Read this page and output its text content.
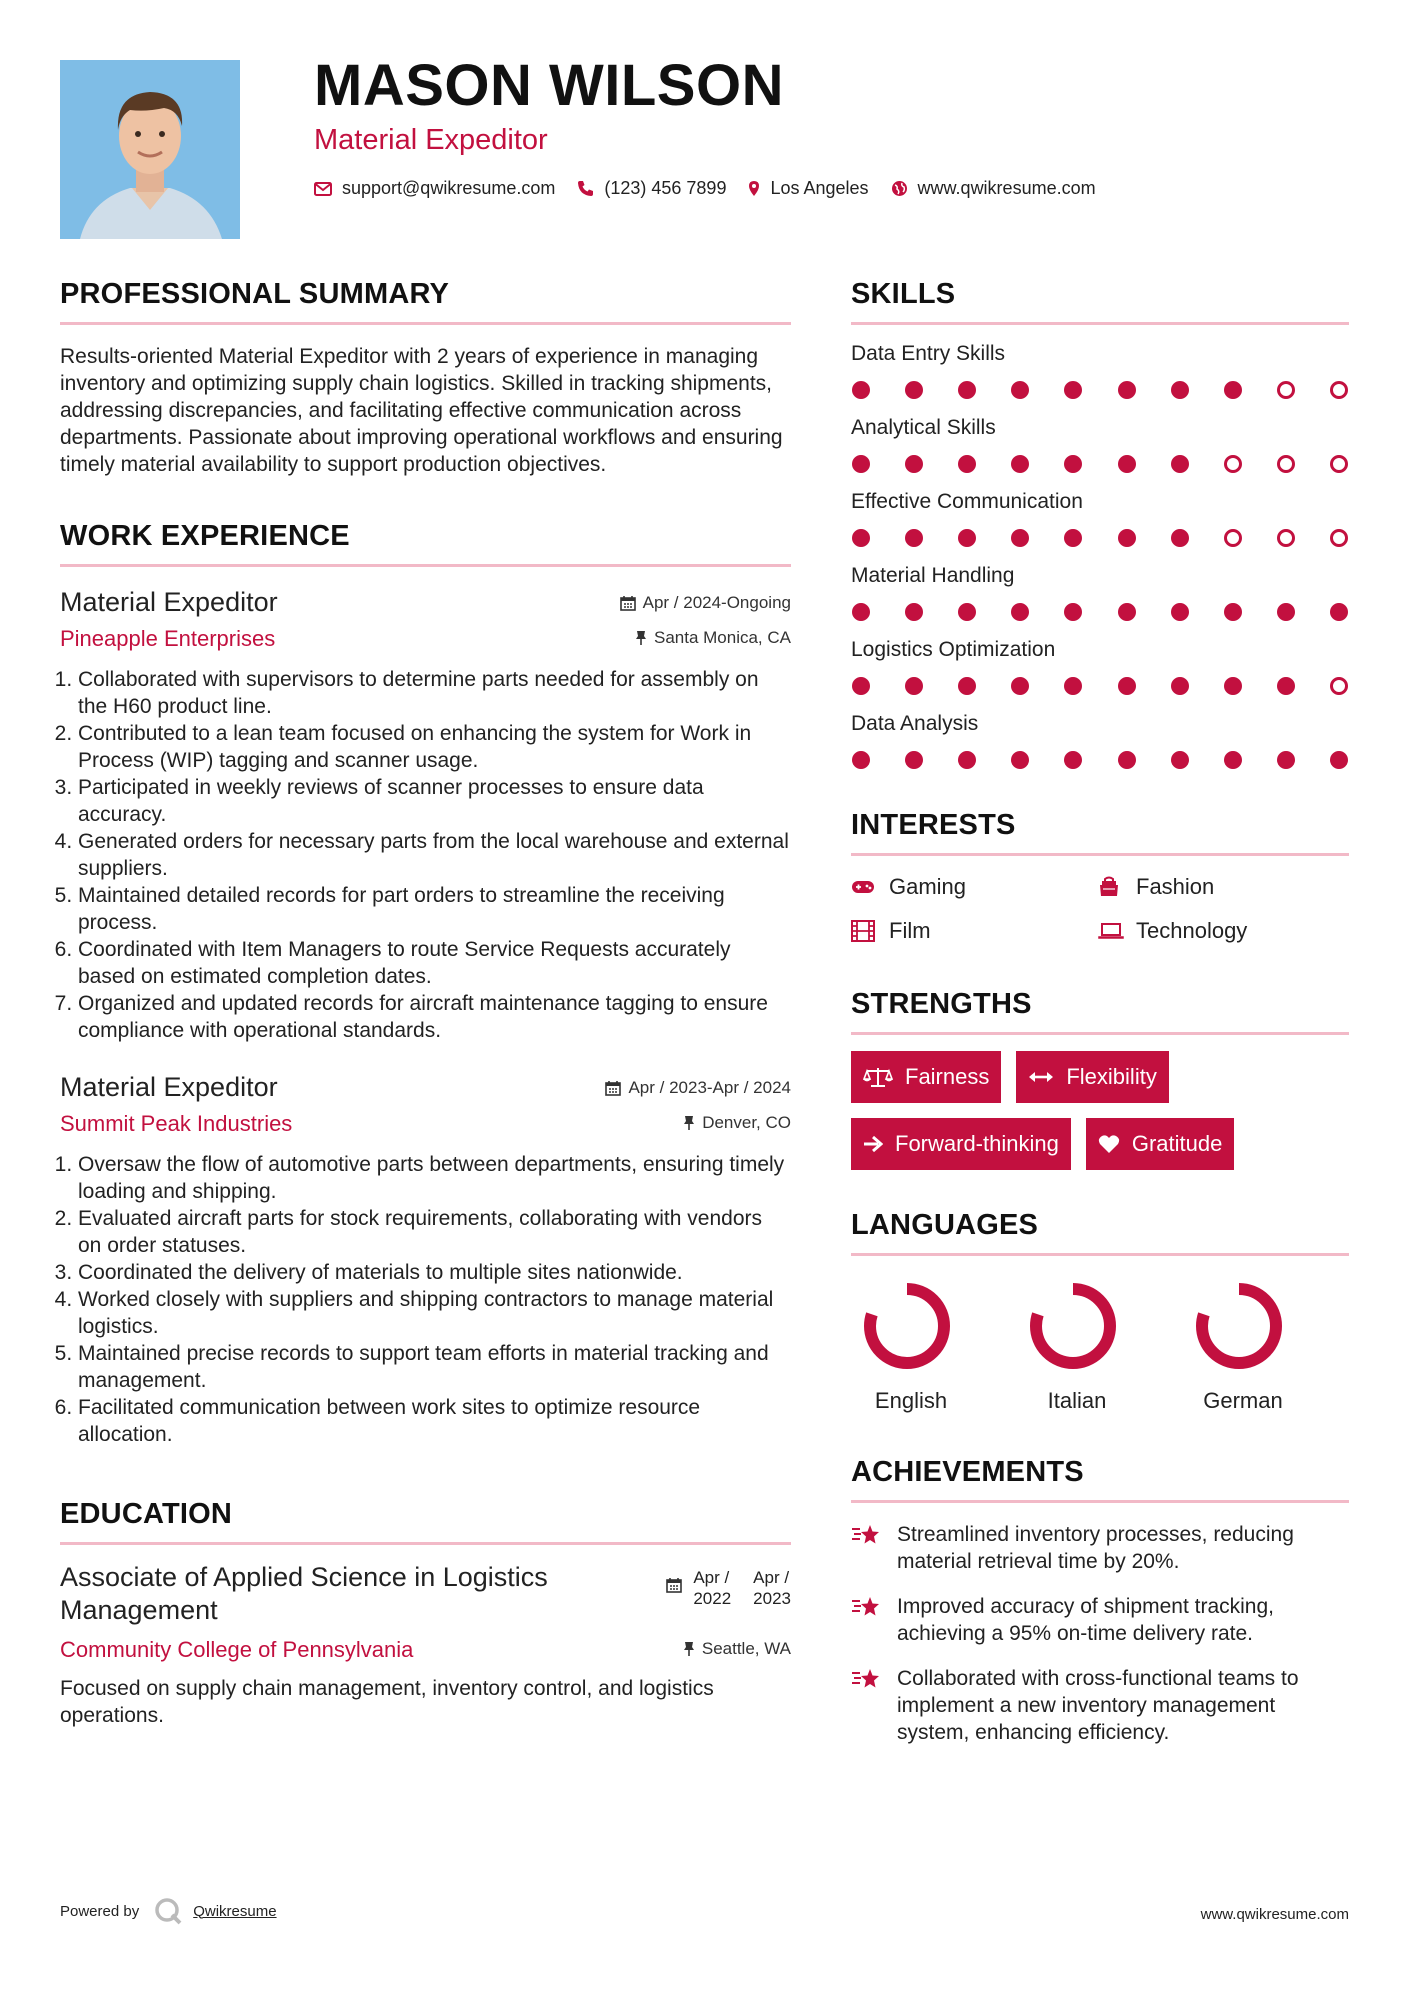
MASON WILSON
Material Expeditor
support@qwikresume.com	(123) 456 7899 Los Angeles	www.qwikresume.com
PROFESSIONAL SUMMARY
Results-oriented Material Expeditor with 2 years of experience in managing inventory and optimizing supply chain logistics. Skilled in tracking shipments, addressing discrepancies, and facilitating effective communication across departments. Passionate about improving operational workflows and ensuring timely material availability to support production objectives.
WORK EXPERIENCE
Material Expeditor	Apr / 2024-Ongoing
Pineapple Enterprises	Santa Monica, CA
1. Collaborated with supervisors to determine parts needed for assembly on the H60 product line.
2. Contributed to a lean team focused on enhancing the system for Work in Process (WIP) tagging and scanner usage.
3. Participated in weekly reviews of scanner processes to ensure data accuracy.
4. Generated orders for necessary parts from the local warehouse and external suppliers.
5. Maintained detailed records for part orders to streamline the receiving process.
6. Coordinated with Item Managers to route Service Requests accurately based on estimated completion dates.
7. Organized and updated records for aircraft maintenance tagging to ensure compliance with operational standards.
Material Expeditor	Apr / 2023-Apr / 2024
Summit Peak Industries	Denver, CO
1. Oversaw the flow of automotive parts between departments, ensuring timely loading and shipping.
2. Evaluated aircraft parts for stock requirements, collaborating with vendors on order statuses.
3. Coordinated the delivery of materials to multiple sites nationwide.
4. Worked closely with suppliers and shipping contractors to manage material logistics.
5. Maintained precise records to support team efforts in material tracking and management.
6. Facilitated communication between work sites to optimize resource allocation.
EDUCATION
Associate of Applied Science in Logistics Management
Apr /
2022
Apr /
2023
Community College of Pennsylvania	Seattle, WA
Focused on supply chain management, inventory control, and logistics operations.
SKILLS
Data Entry Skills
Analytical Skills
Effective Communication
Material Handling
Logistics Optimization
Data Analysis
INTERESTS
Gaming	Fashion
Film	Technology
STRENGTHS
Fairness	Flexibility
Forward-thinking	Gratitude
LANGUAGES
English	Italian	German
ACHIEVEMENTS
Streamlined inventory processes, reducing material retrieval time by 20%.
Improved accuracy of shipment tracking, achieving a 95% on-time delivery rate.
Collaborated with cross-functional teams to implement a new inventory management system, enhancing efficiency.
Powered by	Qwikresume	www.qwikresume.com
